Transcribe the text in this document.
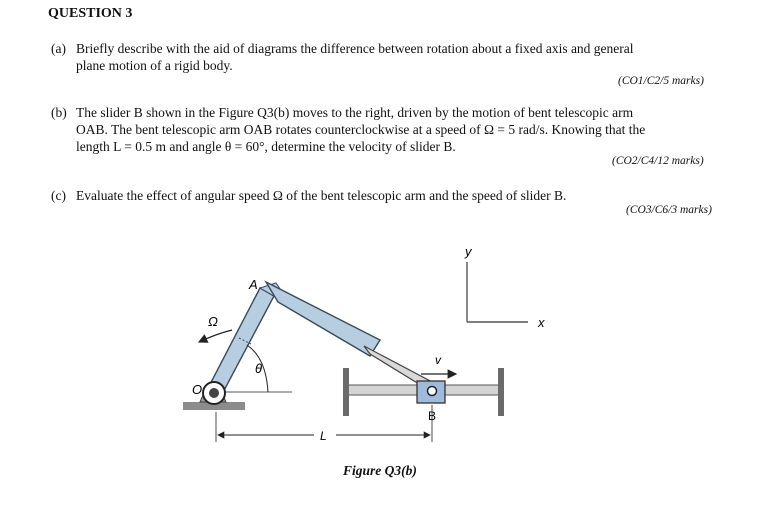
QUESTION 3
(a) Briefly describe with the aid of diagrams the difference between rotation about a fixed axis and general
plane motion of a rigid body.
(CO1/C2/5 marks)
(b) The slider B shown in the Figure Q3(b) moves to the right, driven by the motion of bent telescopic arm
OAB. The bent telescopic arm OAB rotates counterclockwise at a speed of Ω = 5 rad/s. Knowing that the
length L = 0.5 m and angle θ = 60°, determine the velocity of slider B.
(CO2/C4/12 marks)
(c) Evaluate the effect of angular speed Ω of the bent telescopic arm and the speed of slider B.
(CO3/C6/3 marks)
y
x
O
B
v
A
Ω
θ
L
Figure Q3(b)
